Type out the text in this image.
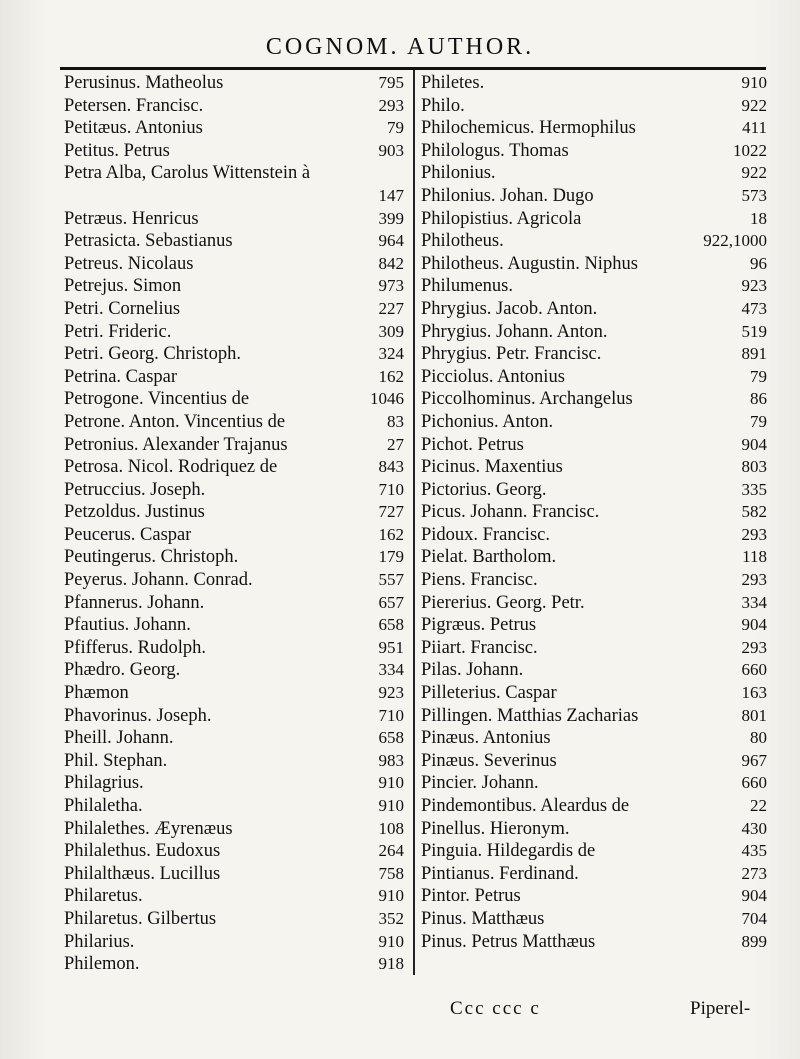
COGNOM. AUTHOR.
Perusinus. Matheolus	795
Petersen. Francisc.	293
Petitæus. Antonius	79
Petitus. Petrus	903
Petra Alba, Carolus Wittenstein à
147
Petræus. Henricus	399
Petrasicta. Sebastianus	964
Petreus. Nicolaus	842
Petrejus. Simon	973
Petri. Cornelius	227
Petri. Frideric.	309
Petri. Georg. Christoph.	324
Petrina. Caspar	162
Petrogone. Vincentius de	1046
Petrone. Anton. Vincentius de	83
Petronius. Alexander Trajanus	27
Petrosa. Nicol. Rodriquez de	843
Petruccius. Joseph.	710
Petzoldus. Justinus	727
Peucerus. Caspar	162
Peutingerus. Christoph.	179
Peyerus. Johann. Conrad.	557
Pfannerus. Johann.	657
Pfautius. Johann.	658
Pfifferus. Rudolph.	951
Phædro. Georg.	334
Phæmon	923
Phavorinus. Joseph.	710
Pheill. Johann.	658
Phil. Stephan.	983
Philagrius.	910
Philaletha.	910
Philalethes. Æyrenæus	108
Philalethus. Eudoxus	264
Philalthæus. Lucillus	758
Philaretus.	910
Philaretus. Gilbertus	352
Philarius.	910
Philemon.	918
Philetes.	910
Philo.	922
Philochemicus. Hermophilus	411
Philologus. Thomas	1022
Philonius.	922
Philonius. Johan. Dugo	573
Philopistius. Agricola	18
Philotheus.	922,1000
Philotheus. Augustin. Niphus	96
Philumenus.	923
Phrygius. Jacob. Anton.	473
Phrygius. Johann. Anton.	519
Phrygius. Petr. Francisc.	891
Picciolus. Antonius	79
Piccolhominus. Archangelus	86
Pichonius. Anton.	79
Pichot. Petrus	904
Picinus. Maxentius	803
Pictorius. Georg.	335
Picus. Johann. Francisc.	582
Pidoux. Francisc.	293
Pielat. Bartholom.	118
Piens. Francisc.	293
Piererius. Georg. Petr.	334
Pigræus. Petrus	904
Piiart. Francisc.	293
Pilas. Johann.	660
Pilleterius. Caspar	163
Pillingen. Matthias Zacharias	801
Pinæus. Antonius	80
Pinæus. Severinus	967
Pincier. Johann.	660
Pindemontibus. Aleardus de	22
Pinellus. Hieronym.	430
Pinguia. Hildegardis de	435
Pintianus. Ferdinand.	273
Pintor. Petrus	904
Pinus. Matthæus	704
Pinus. Petrus Matthæus	899
Ccc ccc c	Piperel-
